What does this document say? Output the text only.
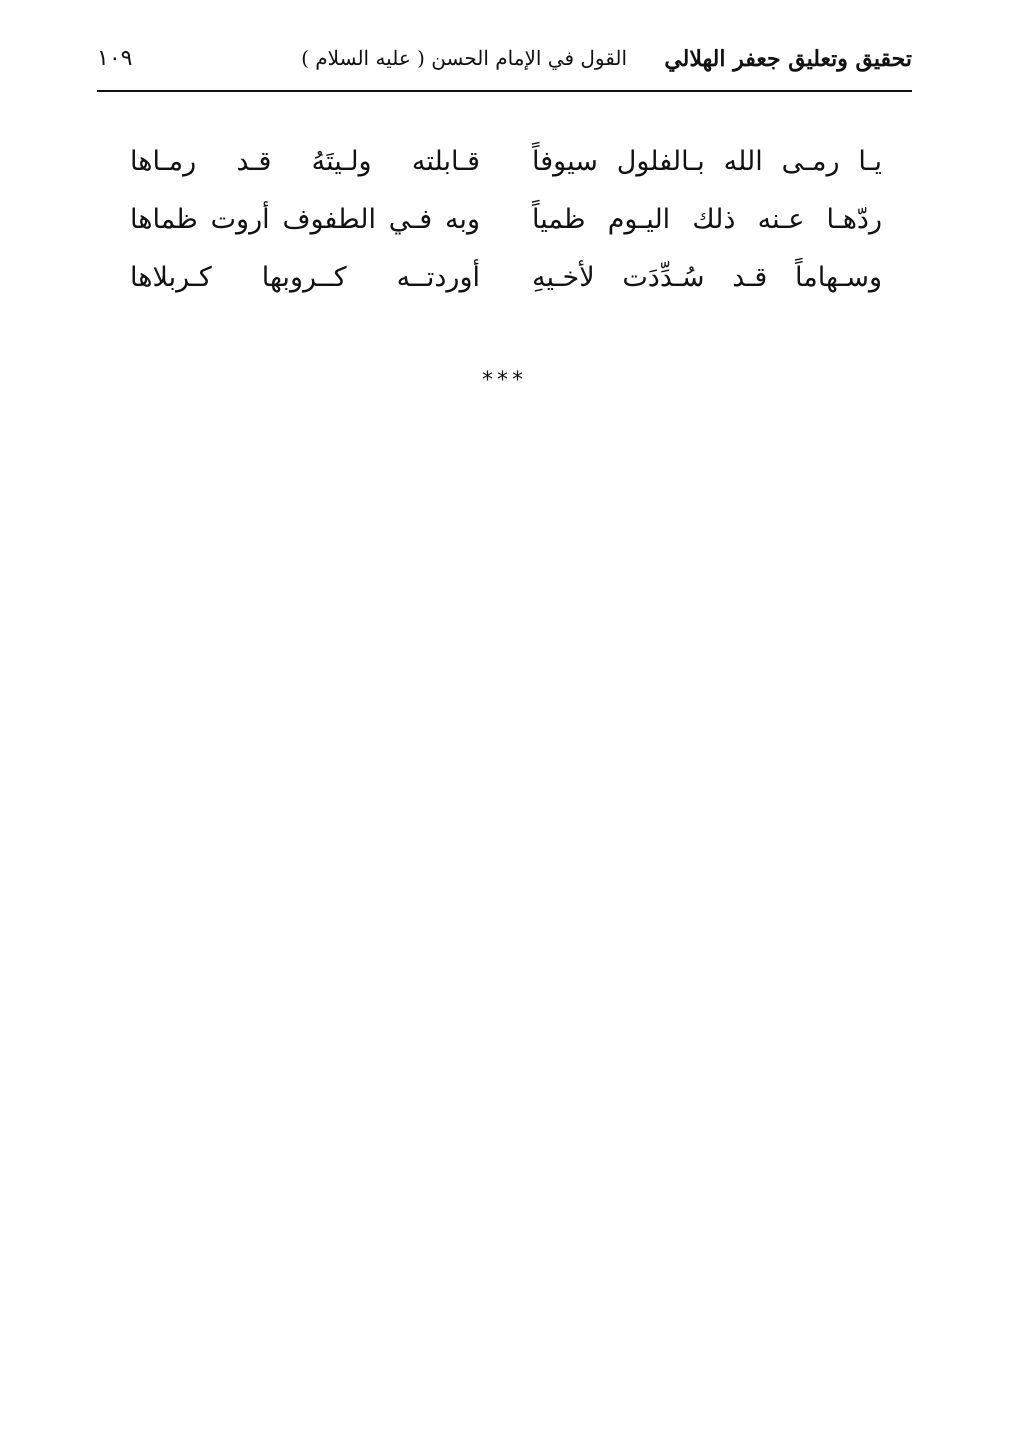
تحقيق وتعليق جعفر الهلالي
القول في الإمام الحسن ( عليه السلام )
١٠٩
يـا رمـى الله بـالفلول سيوفاً
قـابلته ولـيتَهُ قـد رمـاها
ردّهـا عـنه ذلك اليـوم ظمياً
وبه فـي الطفوف أروت ظماها
وسـهاماً قـد سُـدِّدَت لأخـيهِ
أوردتــه كــروبها كـربلاها
***
